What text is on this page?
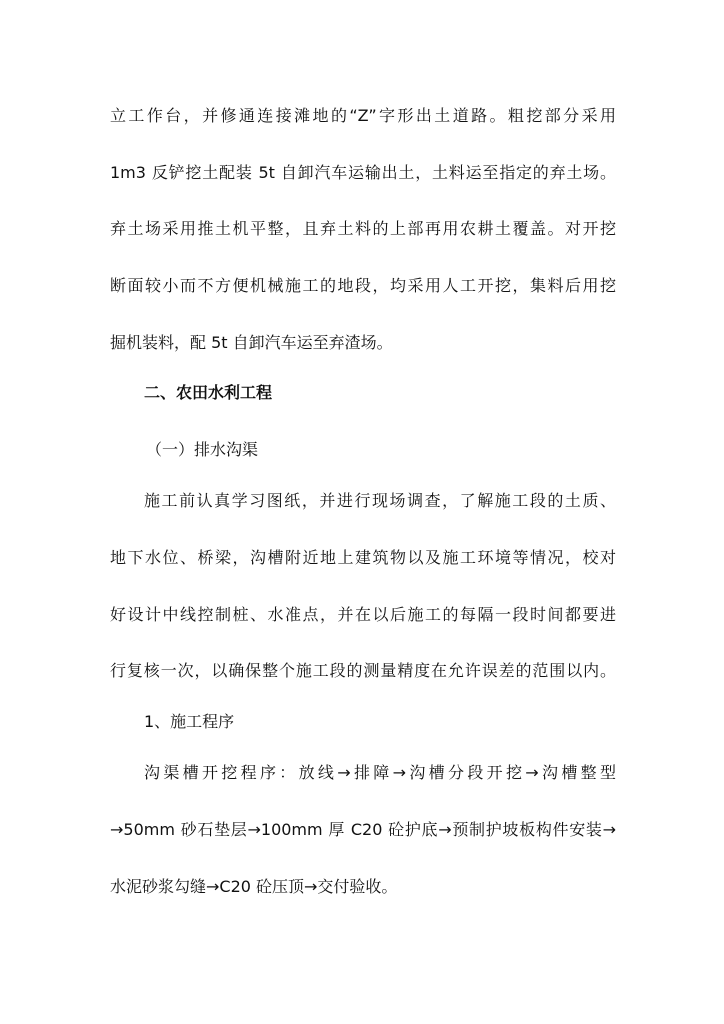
立工作台，并修通连接滩地的“Z”字形出土道路。粗挖部分采用
1m3 反铲挖土配装 5t 自卸汽车运输出土，土料运至指定的弃土场。
弃土场采用推土机平整，且弃土料的上部再用农耕土覆盖。对开挖
断面较小而不方便机械施工的地段，均采用人工开挖，集料后用挖
掘机装料，配 5t 自卸汽车运至弃渣场。
二、农田水利工程
（一）排水沟渠
施工前认真学习图纸，并进行现场调查，了解施工段的土质、
地下水位、桥梁，沟槽附近地上建筑物以及施工环境等情况，校对
好设计中线控制桩、水准点，并在以后施工的每隔一段时间都要进
行复核一次，以确保整个施工段的测量精度在允许误差的范围以内。
1、施工程序
沟渠槽开挖程序：放线→排障→沟槽分段开挖→沟槽整型
→50mm 砂石垫层→100mm 厚 C20 砼护底→预制护坡板构件安装→
水泥砂浆勾缝→C20 砼压顶→交付验收。
